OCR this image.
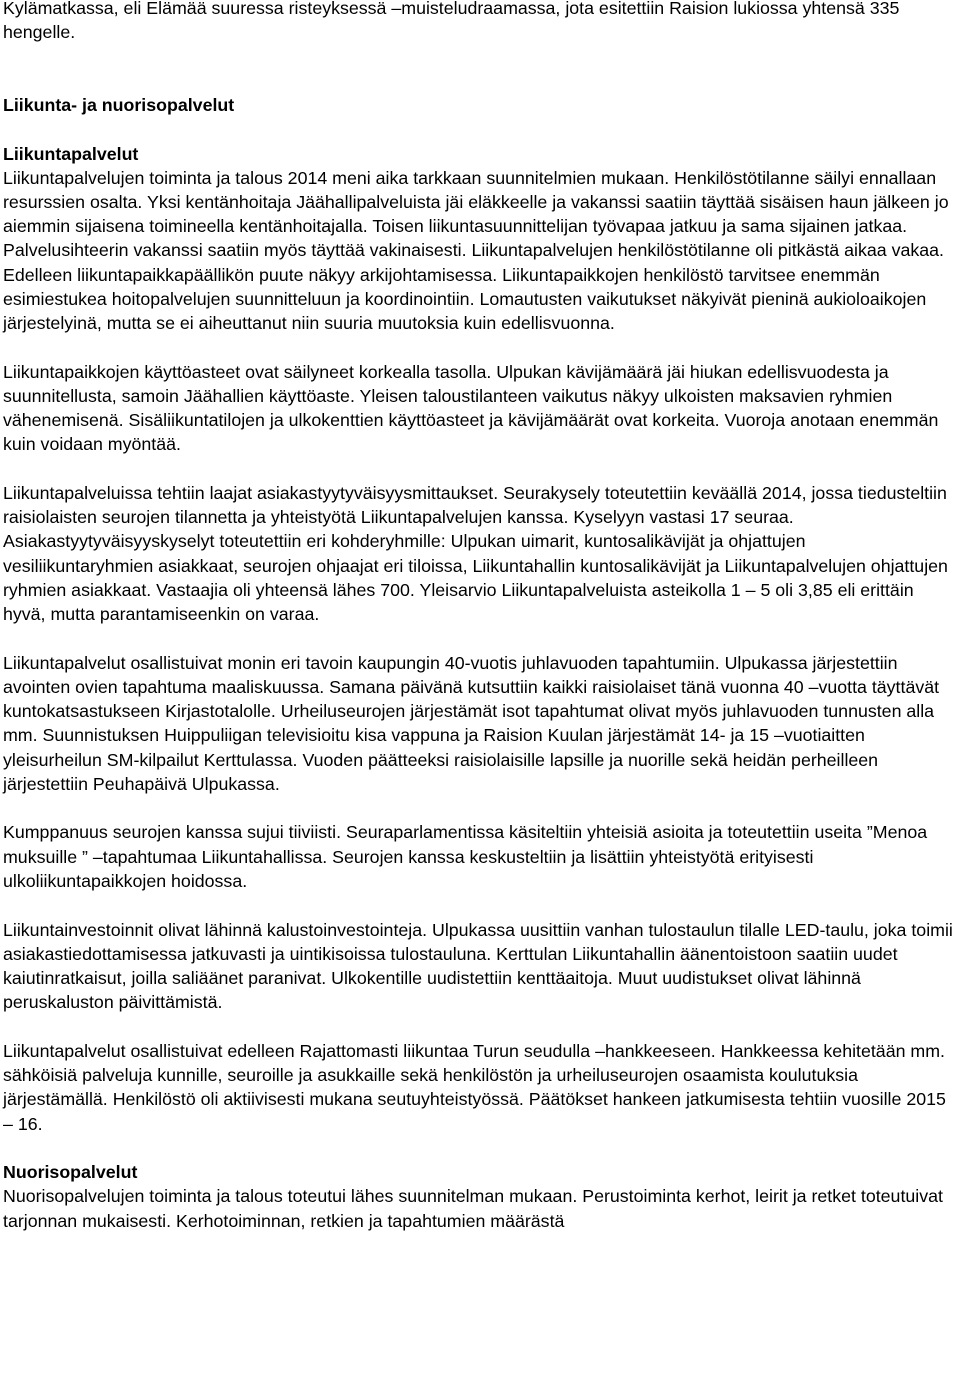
Kylämatkassa, eli Elämää suuressa risteyksessä –muisteludraamassa, jota esitettiin Raision lukiossa yhtensä 335 hengelle.

Liikunta- ja nuorisopalvelut
Liikuntapalvelut

Liikuntapalvelujen toiminta ja talous 2014 meni aika tarkkaan suunnitelmien mukaan. Henkilöstötilanne säilyi ennallaan resurssien osalta. Yksi kentänhoitaja Jäähallipalveluista jäi eläkkeelle ja vakanssi saatiin täyttää sisäisen haun jälkeen jo aiemmin sijaisena toimineella kentänhoitajalla. Toisen liikuntasuunnittelijan työvapaa jatkuu ja sama sijainen jatkaa. Palvelusihteerin vakanssi saatiin myös täyttää vakinaisesti. Liikuntapalvelujen henkilöstötilanne oli pitkästä aikaa vakaa. Edelleen liikuntapaikkapäällikön puute näkyy arkijohtamisessa. Liikuntapaikkojen henkilöstö tarvitsee enemmän esimiestukea hoitopalvelujen suunnitteluun ja koordinointiin. Lomautusten vaikutukset näkyivät pieninä aukioloaikojen järjestelyinä, mutta se ei aiheuttanut niin suuria muutoksia kuin edellisvuonna.

Liikuntapaikkojen käyttöasteet ovat säilyneet korkealla tasolla. Ulpukan kävijämäärä jäi hiukan edellisvuodesta ja suunnitellusta, samoin Jäähallien käyttöaste. Yleisen taloustilanteen vaikutus näkyy ulkoisten maksavien ryhmien vähenemisenä. Sisäliikuntatilojen ja ulkokenttien käyttöasteet ja kävijämäärät ovat korkeita. Vuoroja anotaan enemmän kuin voidaan myöntää.

Liikuntapalveluissa tehtiin laajat asiakastyytyväisyysmittaukset. Seurakysely toteutettiin keväällä 2014, jossa tiedusteltiin raisiolaisten seurojen tilannetta ja yhteistyötä Liikuntapalvelujen kanssa. Kyselyyn vastasi 17 seuraa. Asiakastyytyväisyyskyselyt toteutettiin eri kohderyhmille: Ulpukan uimarit, kuntosalikävijät ja ohjattujen vesiliikuntaryhmien asiakkaat, seurojen ohjaajat eri tiloissa, Liikuntahallin kuntosalikävijät ja Liikuntapalvelujen ohjattujen ryhmien asiakkaat. Vastaajia oli yhteensä lähes 700. Yleisarvio Liikuntapalveluista asteikolla 1 – 5 oli 3,85 eli erittäin hyvä, mutta parantamiseenkin on varaa.

Liikuntapalvelut osallistuivat monin eri tavoin kaupungin 40-vuotis juhlavuoden tapahtumiin. Ulpukassa järjestettiin avointen ovien tapahtuma maaliskuussa. Samana päivänä kutsuttiin kaikki raisiolaiset tänä vuonna 40 –vuotta täyttävät kuntokatsastukseen Kirjastotalolle. Urheiluseurojen järjestämät isot tapahtumat olivat myös juhlavuoden tunnusten alla mm. Suunnistuksen Huippuliigan televisioitu kisa vappuna ja Raision Kuulan järjestämät 14- ja 15 –vuotiaitten yleisurheilun SM-kilpailut Kerttulassa. Vuoden päätteeksi raisiolaisille lapsille ja nuorille sekä heidän perheilleen järjestettiin Peuhapäivä Ulpukassa.

Kumppanuus seurojen kanssa sujui tiiviisti. Seuraparlamentissa käsiteltiin yhteisiä asioita ja toteutettiin useita ”Menoa muksuille ” –tapahtumaa Liikuntahallissa. Seurojen kanssa keskusteltiin ja lisättiin yhteistyötä erityisesti ulkoliikuntapaikkojen hoidossa.

Liikuntainvestoinnit olivat lähinnä kalustoinvestointeja. Ulpukassa uusittiin vanhan tulostaulun tilalle LED-taulu, joka toimii asiakastiedottamisessa jatkuvasti ja uintikisoissa tulostauluna. Kerttulan Liikuntahallin äänentoistoon saatiin uudet kaiutinratkaisut, joilla saliäänet paranivat. Ulkokentille uudistettiin kenttäaitoja. Muut uudistukset olivat lähinnä peruskaluston päivittämistä.

Liikuntapalvelut osallistuivat edelleen Rajattomasti liikuntaa Turun seudulla –hankkeeseen. Hankkeessa kehitetään mm. sähköisiä palveluja kunnille, seuroille ja asukkaille sekä henkilöstön ja urheiluseurojen osaamista koulutuksia järjestämällä. Henkilöstö oli aktiivisesti mukana seutuyhteistyössä. Päätökset hankeen jatkumisesta tehtiin vuosille 2015 – 16.

Nuorisopalvelut

Nuorisopalvelujen toiminta ja talous toteutui lähes suunnitelman mukaan. Perustoiminta kerhot, leirit ja retket toteutuivat tarjonnan mukaisesti. Kerhotoiminnan, retkien ja tapahtumien määrästä
